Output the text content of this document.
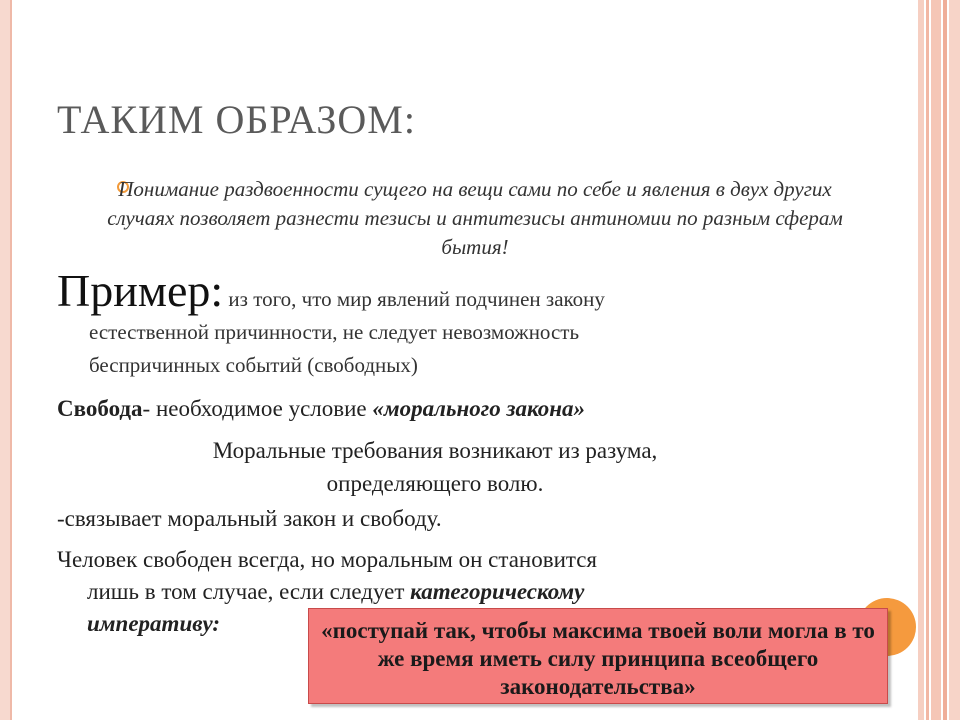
ТАКИМ ОБРАЗОМ:

Понимание раздвоенности сущего на вещи сами по себе и явления в двух других случаях позволяет разнести тезисы и антитезисы антиномии по разным сферам бытия!

Пример: из того, что мир явлений подчинен закону
естественной причинности, не следует невозможность
беспричинных событий (свободных)

Свобода- необходимое условие «морального закона»

Моральные требования возникают из разума,
определяющего волю.

-связывает моральный закон и свободу.

Человек свободен всегда, но моральным он становится
лишь в том случае, если следует категорическому
императиву:	«поступай так, чтобы максима твоей воли могла в то же время иметь силу принципа всеобщего законодательства»
